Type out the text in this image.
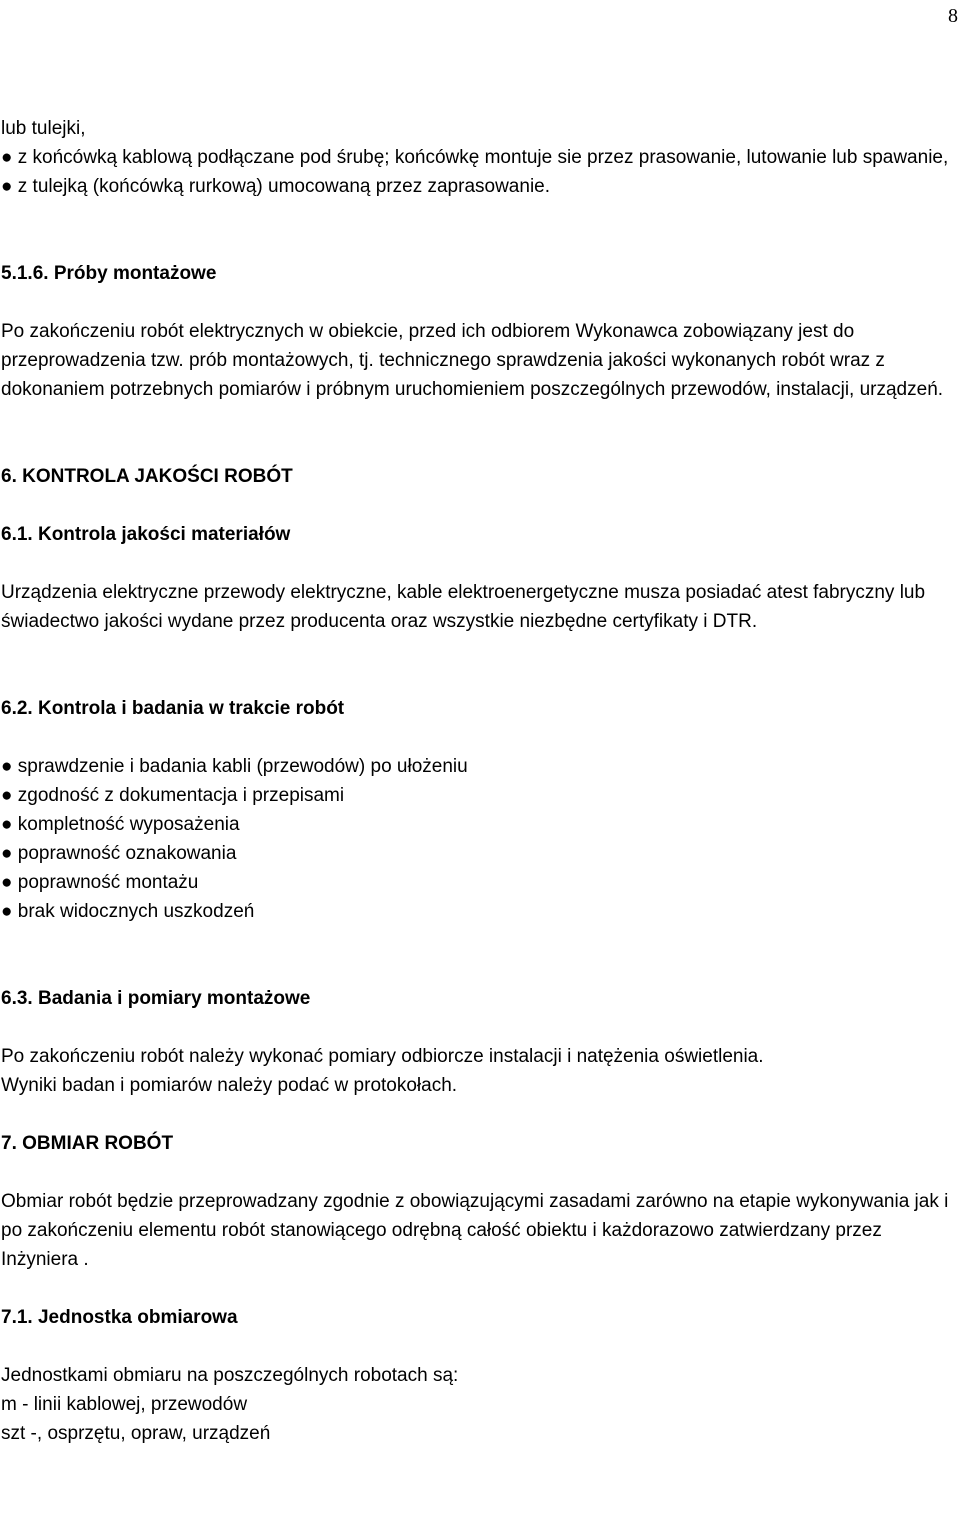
8

lub tulejki,

● z końcówką kablową podłączane pod śrubę; końcówkę montuje sie przez prasowanie, lutowanie lub spawanie,
● z tulejką (końcówką rurkową) umocowaną przez zaprasowanie.

5.1.6. Próby montażowe

Po zakończeniu robót elektrycznych w obiekcie, przed ich odbiorem Wykonawca zobowiązany jest do przeprowadzenia tzw. prób montażowych, tj. technicznego sprawdzenia jakości wykonanych robót wraz z dokonaniem potrzebnych pomiarów i próbnym uruchomieniem poszczególnych przewodów, instalacji, urządzeń.

6. KONTROLA JAKOŚCI ROBÓT

6.1. Kontrola jakości materiałów

Urządzenia elektryczne przewody elektryczne, kable elektroenergetyczne musza posiadać atest fabryczny lub świadectwo jakości wydane przez producenta oraz wszystkie niezbędne certyfikaty i DTR.

6.2. Kontrola i badania w trakcie robót

● sprawdzenie i badania kabli (przewodów) po ułożeniu
● zgodność z dokumentacja i przepisami
● kompletność wyposażenia
● poprawność oznakowania
● poprawność montażu
● brak widocznych uszkodzeń

6.3. Badania i pomiary montażowe

Po zakończeniu robót należy wykonać pomiary odbiorcze instalacji i natężenia oświetlenia.

Wyniki badan i pomiarów należy podać w protokołach.

7. OBMIAR ROBÓT

Obmiar robót będzie przeprowadzany zgodnie z obowiązującymi zasadami zarówno na etapie wykonywania jak i po zakończeniu elementu robót stanowiącego odrębną całość obiektu i każdorazowo zatwierdzany przez Inżyniera .

7.1. Jednostka obmiarowa

Jednostkami obmiaru na poszczególnych robotach są:

m - linii kablowej, przewodów

szt -, osprzętu, opraw, urządzeń
